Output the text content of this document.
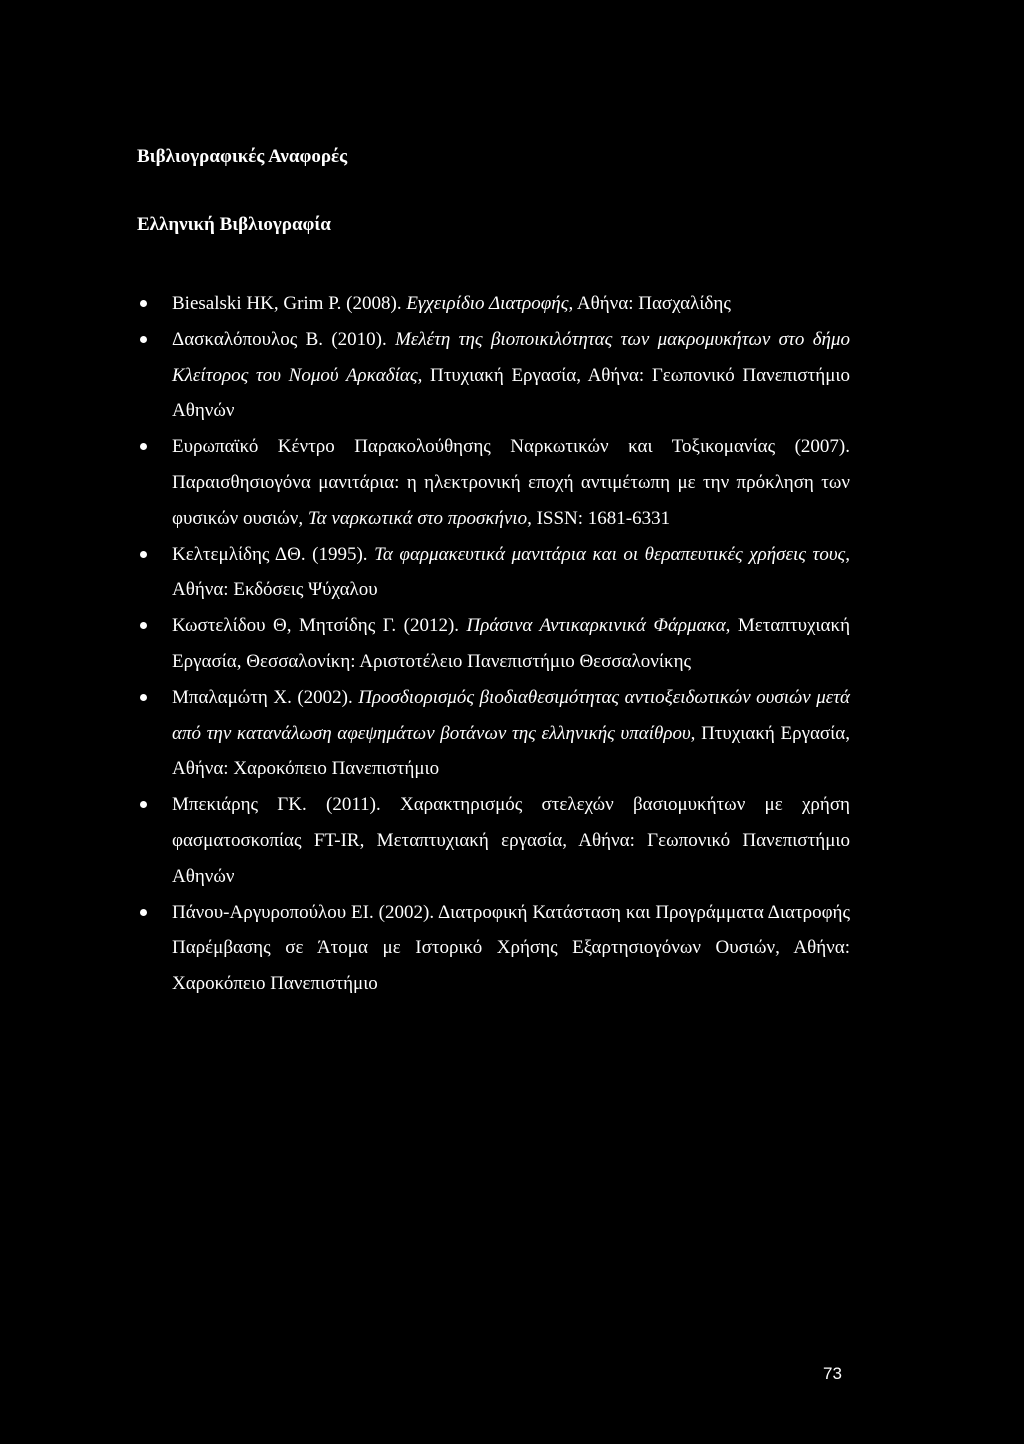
Βιβλιογραφικές Αναφορές
Ελληνική Βιβλιογραφία
Biesalski HK, Grim P. (2008). Εγχειρίδιο Διατροφής, Αθήνα: Πασχαλίδης
Δασκαλόπουλος Β. (2010). Μελέτη της βιοποικιλότητας των μακρομυκήτων στο δήμο Κλείτορος του Νομού Αρκαδίας, Πτυχιακή Εργασία, Αθήνα: Γεωπονικό Πανεπιστήμιο Αθηνών
Ευρωπαϊκό Κέντρο Παρακολούθησης Ναρκωτικών και Τοξικομανίας (2007). Παραισθησιογόνα μανιτάρια: η ηλεκτρονική εποχή αντιμέτωπη με την πρόκληση των φυσικών ουσιών, Τα ναρκωτικά στο προσκήνιο, ISSN: 1681-6331
Κελτεμλίδης ΔΘ. (1995). Τα φαρμακευτικά μανιτάρια και οι θεραπευτικές χρήσεις τους, Αθήνα: Εκδόσεις Ψύχαλου
Κωστελίδου Θ, Μητσίδης Γ. (2012). Πράσινα Αντικαρκινικά Φάρμακα, Μεταπτυχιακή Εργασία, Θεσσαλονίκη: Αριστοτέλειο Πανεπιστήμιο Θεσσαλονίκης
Μπαλαμώτη Χ. (2002). Προσδιορισμός βιοδιαθεσιμότητας αντιοξειδωτικών ουσιών μετά από την κατανάλωση αφεψημάτων βοτάνων της ελληνικής υπαίθρου, Πτυχιακή Εργασία, Αθήνα: Χαροκόπειο Πανεπιστήμιο
Μπεκιάρης ΓΚ. (2011). Χαρακτηρισμός στελεχών βασιομυκήτων με χρήση φασματοσκοπίας FT-IR, Μεταπτυχιακή εργασία, Αθήνα: Γεωπονικό Πανεπιστήμιο Αθηνών
Πάνου-Αργυροπούλου ΕΙ. (2002). Διατροφική Κατάσταση και Προγράμματα Διατροφής Παρέμβασης σε Άτομα με Ιστορικό Χρήσης Εξαρτησιογόνων Ουσιών, Αθήνα: Χαροκόπειο Πανεπιστήμιο
73
